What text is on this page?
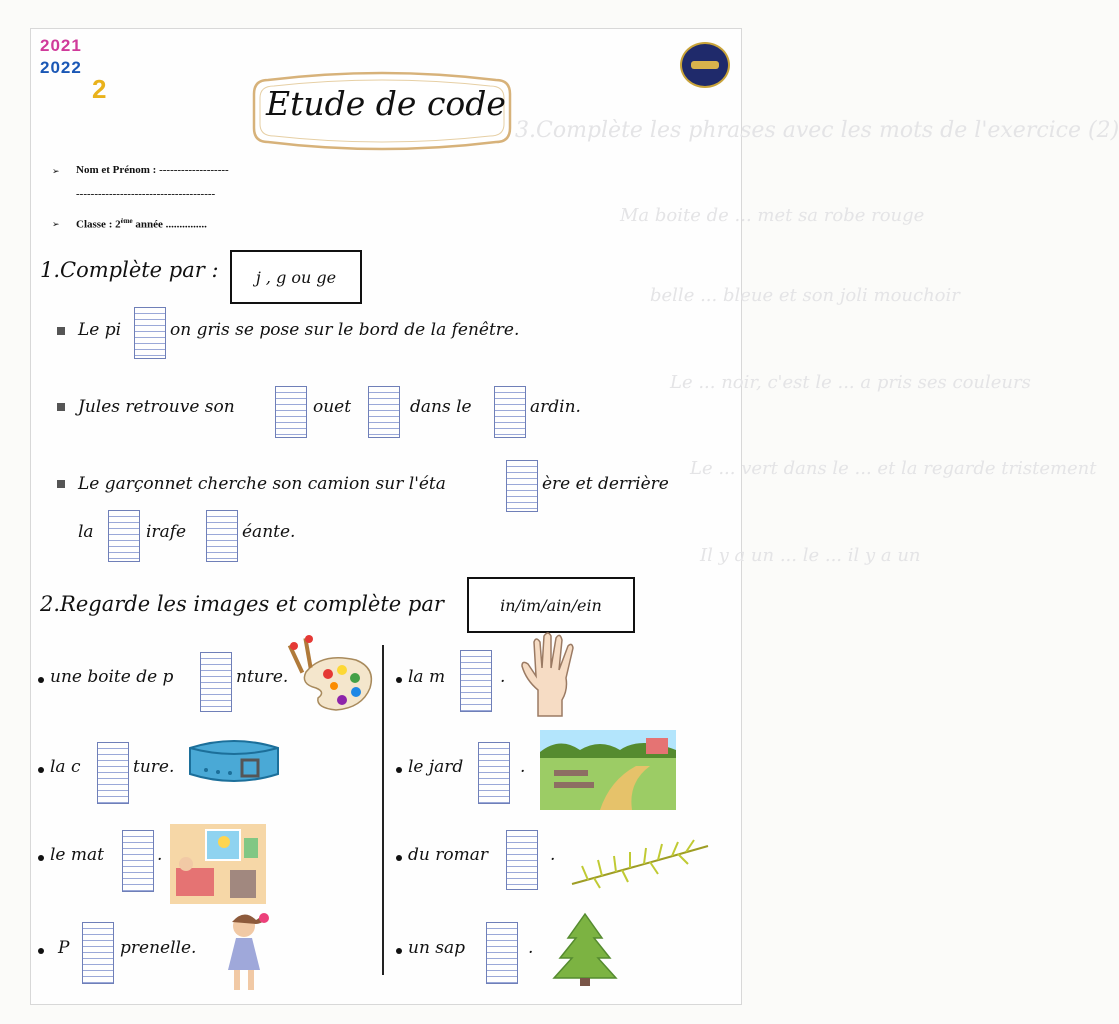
3.Complète les phrases avec les mots de l'exercice (2)
Ma boite de ... met sa robe rouge
belle ... bleue et son joli mouchoir
Le ... noir, c'est le ... a pris ses couleurs
Le ... vert dans le ... et la regarde tristement
Il y a un ... le ... il y a un
2021
2022
2	Etude de code
➢ Nom et Prénom : -------------------
--------------------------------------
➢ Classe : 2ème année ...............
1.Complète par :	j , g ou ge
Le pi	on gris se pose sur le bord de la fenêtre.
Jules retrouve son	ouet	dans le	ardin.
Le garçonnet cherche son camion sur l'éta	ère et derrière
la	irafe	éante.
2.Regarde les images et complète par	in/im/ain/ein
une boite de p	nture.
la c	ture.
le mat	.
P	prenelle.
la m	.
le jard	.
du romar	.
un sap	.
